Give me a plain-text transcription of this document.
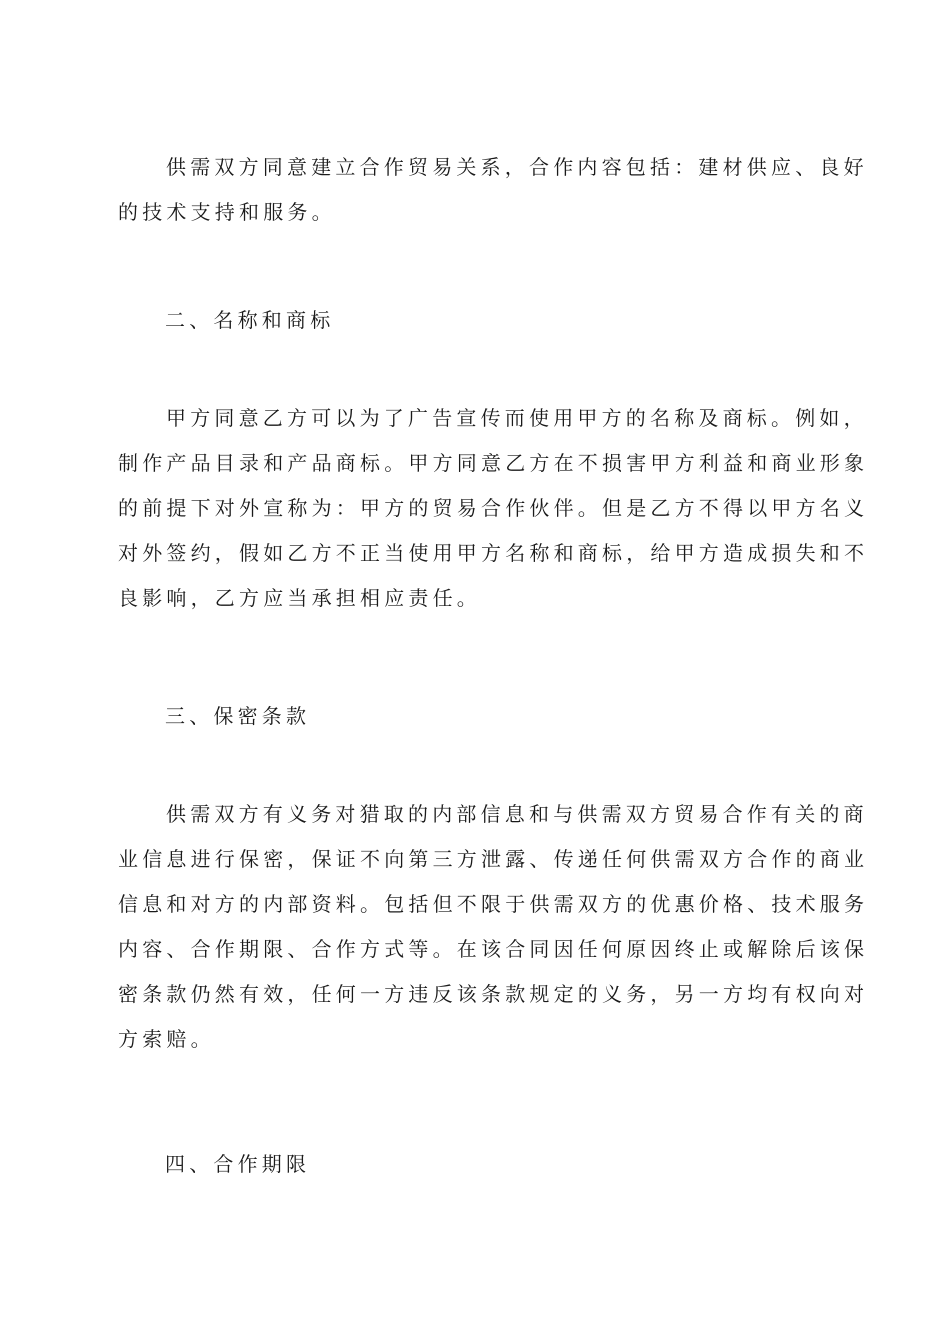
供需双方同意建立合作贸易关系，合作内容包括：建材供应、良好
的技术支持和服务。
二、名称和商标
甲方同意乙方可以为了广告宣传而使用甲方的名称及商标。例如，
制作产品目录和产品商标。甲方同意乙方在不损害甲方利益和商业形象
的前提下对外宣称为：甲方的贸易合作伙伴。但是乙方不得以甲方名义
对外签约，假如乙方不正当使用甲方名称和商标，给甲方造成损失和不
良影响，乙方应当承担相应责任。
三、保密条款
供需双方有义务对猎取的内部信息和与供需双方贸易合作有关的商
业信息进行保密，保证不向第三方泄露、传递任何供需双方合作的商业
信息和对方的内部资料。包括但不限于供需双方的优惠价格、技术服务
内容、合作期限、合作方式等。在该合同因任何原因终止或解除后该保
密条款仍然有效，任何一方违反该条款规定的义务，另一方均有权向对
方索赔。
四、合作期限
